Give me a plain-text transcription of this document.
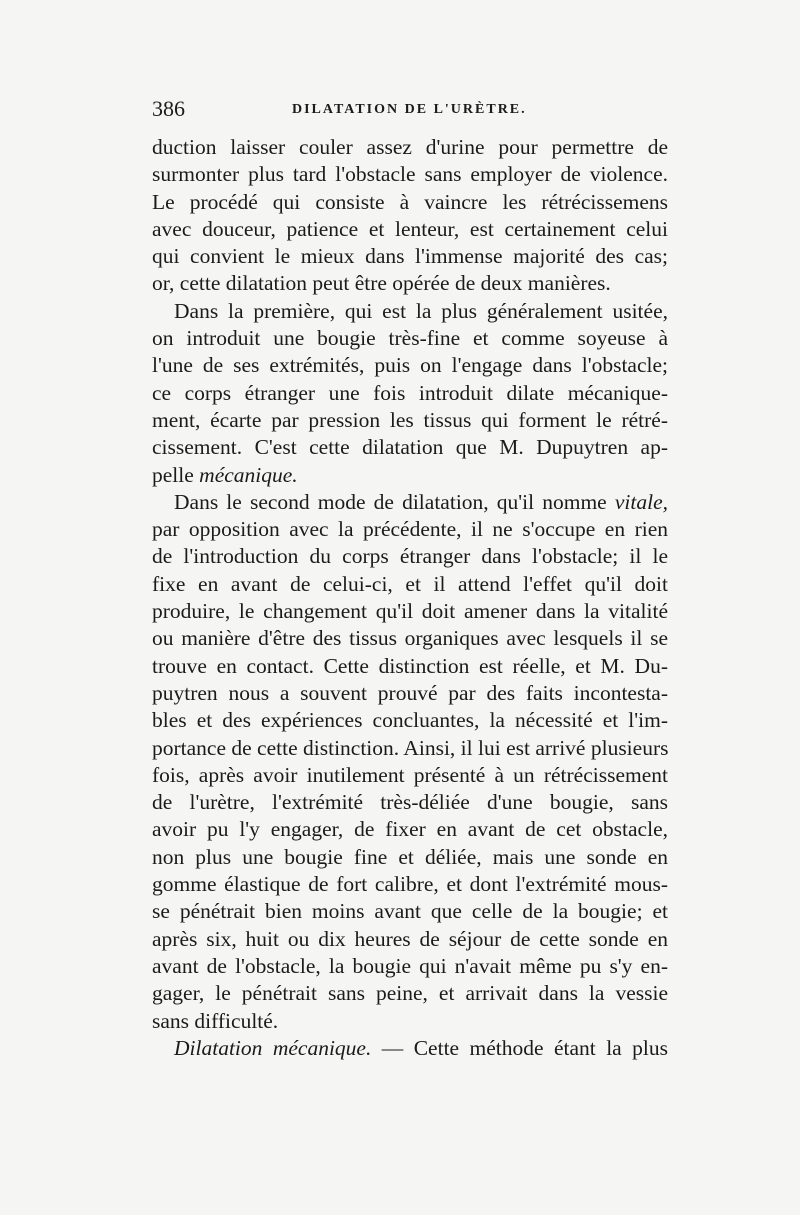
386	DILATATION DE L'URÈTRE.
duction laisser couler assez d'urine pour permettre de
surmonter plus tard l'obstacle sans employer de violence.
Le procédé qui consiste à vaincre les rétrécissemens
avec douceur, patience et lenteur, est certainement celui
qui convient le mieux dans l'immense majorité des cas;
or, cette dilatation peut être opérée de deux manières.
Dans la première, qui est la plus généralement usitée,
on introduit une bougie très-fine et comme soyeuse à
l'une de ses extrémités, puis on l'engage dans l'obstacle;
ce corps étranger une fois introduit dilate mécanique-
ment, écarte par pression les tissus qui forment le rétré-
cissement. C'est cette dilatation que M. Dupuytren ap-
pelle mécanique.
Dans le second mode de dilatation, qu'il nomme vitale,
par opposition avec la précédente, il ne s'occupe en rien
de l'introduction du corps étranger dans l'obstacle; il le
fixe en avant de celui-ci, et il attend l'effet qu'il doit
produire, le changement qu'il doit amener dans la vitalité
ou manière d'être des tissus organiques avec lesquels il se
trouve en contact. Cette distinction est réelle, et M. Du-
puytren nous a souvent prouvé par des faits incontesta-
bles et des expériences concluantes, la nécessité et l'im-
portance de cette distinction. Ainsi, il lui est arrivé plusieurs
fois, après avoir inutilement présenté à un rétrécissement
de l'urètre, l'extrémité très-déliée d'une bougie, sans
avoir pu l'y engager, de fixer en avant de cet obstacle,
non plus une bougie fine et déliée, mais une sonde en
gomme élastique de fort calibre, et dont l'extrémité mous-
se pénétrait bien moins avant que celle de la bougie; et
après six, huit ou dix heures de séjour de cette sonde en
avant de l'obstacle, la bougie qui n'avait même pu s'y en-
gager, le pénétrait sans peine, et arrivait dans la vessie
sans difficulté.
Dilatation mécanique. — Cette méthode étant la plus
